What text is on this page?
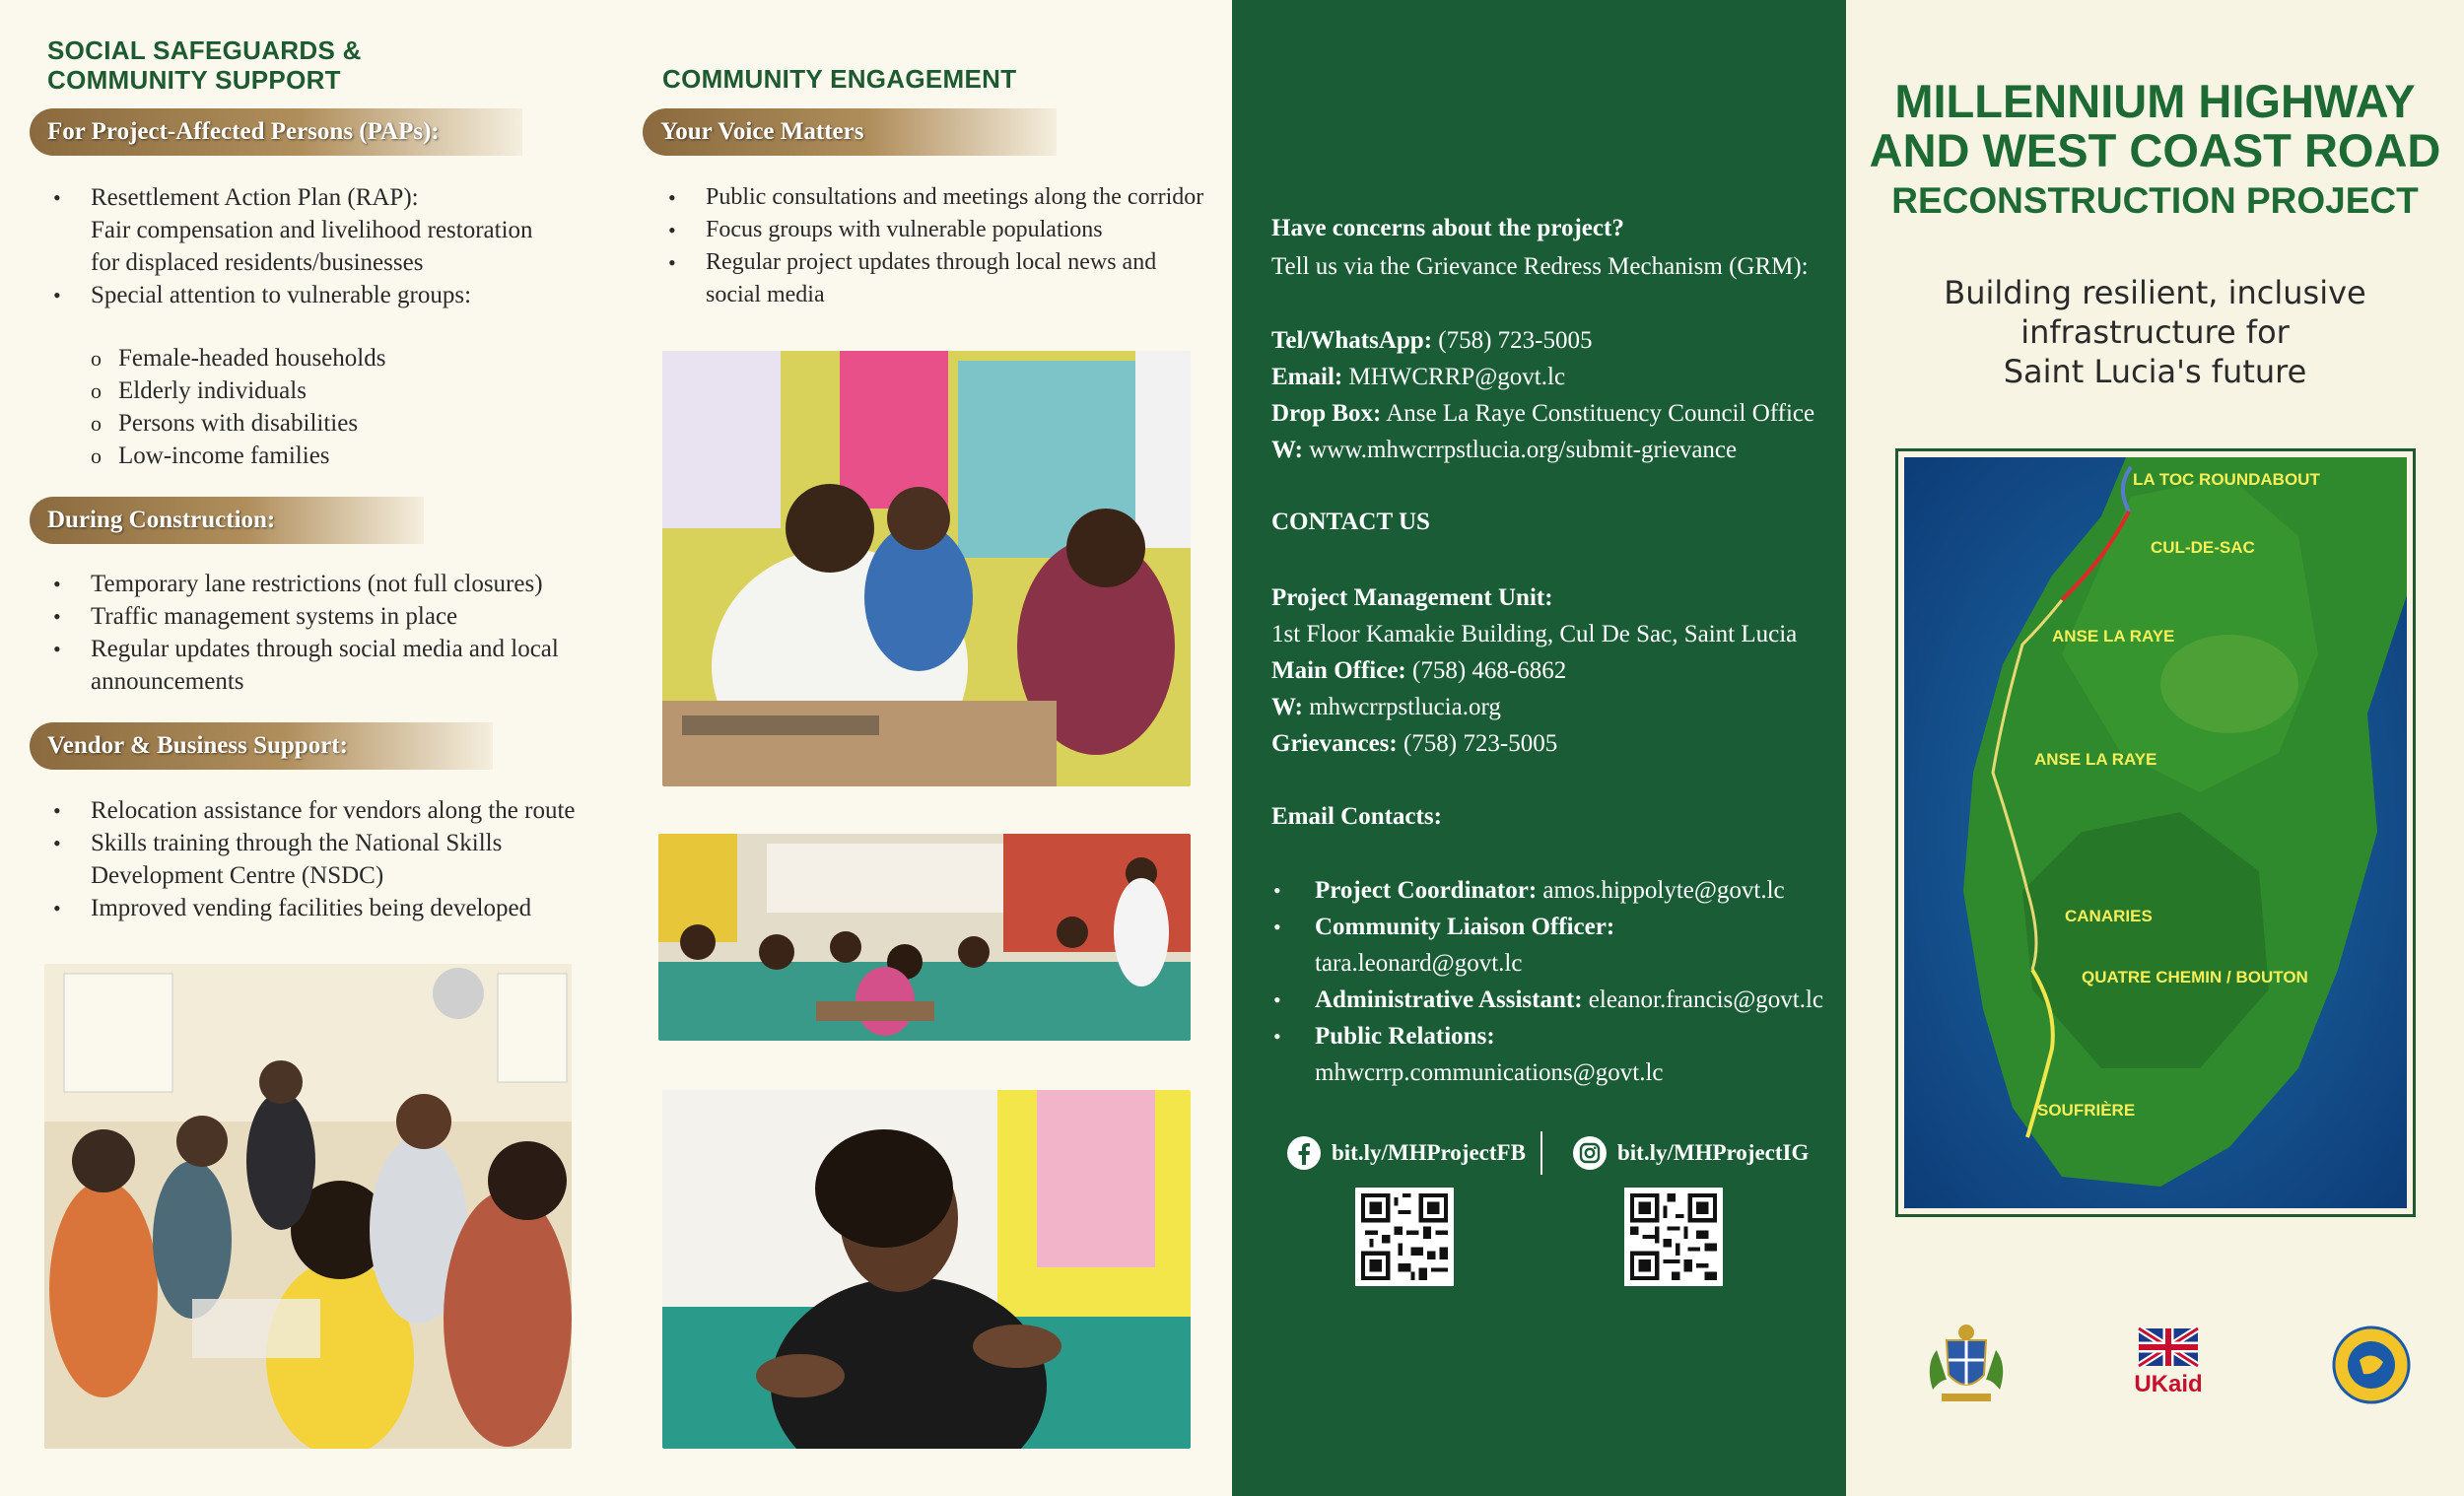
SOCIAL SAFEGUARDS &
COMMUNITY SUPPORT
For Project-Affected Persons (PAPs):
• Resettlement Action Plan (RAP):
Fair compensation and livelihood restoration
for displaced residents/businesses
• Special attention to vulnerable groups:
o Female-headed households
o Elderly individuals
o Persons with disabilities
o Low-income families
During Construction:
• Temporary lane restrictions (not full closures)
• Traffic management systems in place
• Regular updates through social media and local
announcements
Vendor & Business Support:
• Relocation assistance for vendors along the route
• Skills training through the National Skills
Development Centre (NSDC)
• Improved vending facilities being developed
COMMUNITY ENGAGEMENT
Your Voice Matters
• Public consultations and meetings along the corridor
• Focus groups with vulnerable populations
• Regular project updates through local news and
social media
Have concerns about the project?
Tell us via the Grievance Redress Mechanism (GRM):
Tel/WhatsApp: (758) 723-5005
Email: MHWCRRP@govt.lc
Drop Box: Anse La Raye Constituency Council Office
W: www.mhwcrrpstlucia.org/submit-grievance
CONTACT US
Project Management Unit:
1st Floor Kamakie Building, Cul De Sac, Saint Lucia
Main Office: (758) 468-6862
W: mhwcrrpstlucia.org
Grievances: (758) 723-5005
Email Contacts:
• Project Coordinator: amos.hippolyte@govt.lc
• Community Liaison Officer:
tara.leonard@govt.lc
• Administrative Assistant: eleanor.francis@govt.lc
• Public Relations:
mhwcrrp.communications@govt.lc
bit.ly/MHProjectFB	bit.ly/MHProjectIG
MILLENNIUM HIGHWAY
AND WEST COAST ROAD
RECONSTRUCTION PROJECT
Building resilient, inclusive
infrastructure for
Saint Lucia's future
LA TOC ROUNDABOUT
CUL-DE-SAC
ANSE LA RAYE
ANSE LA RAYE
CANARIES
QUATRE CHEMIN / BOUTON
SOUFRIÈRE
UKaid
